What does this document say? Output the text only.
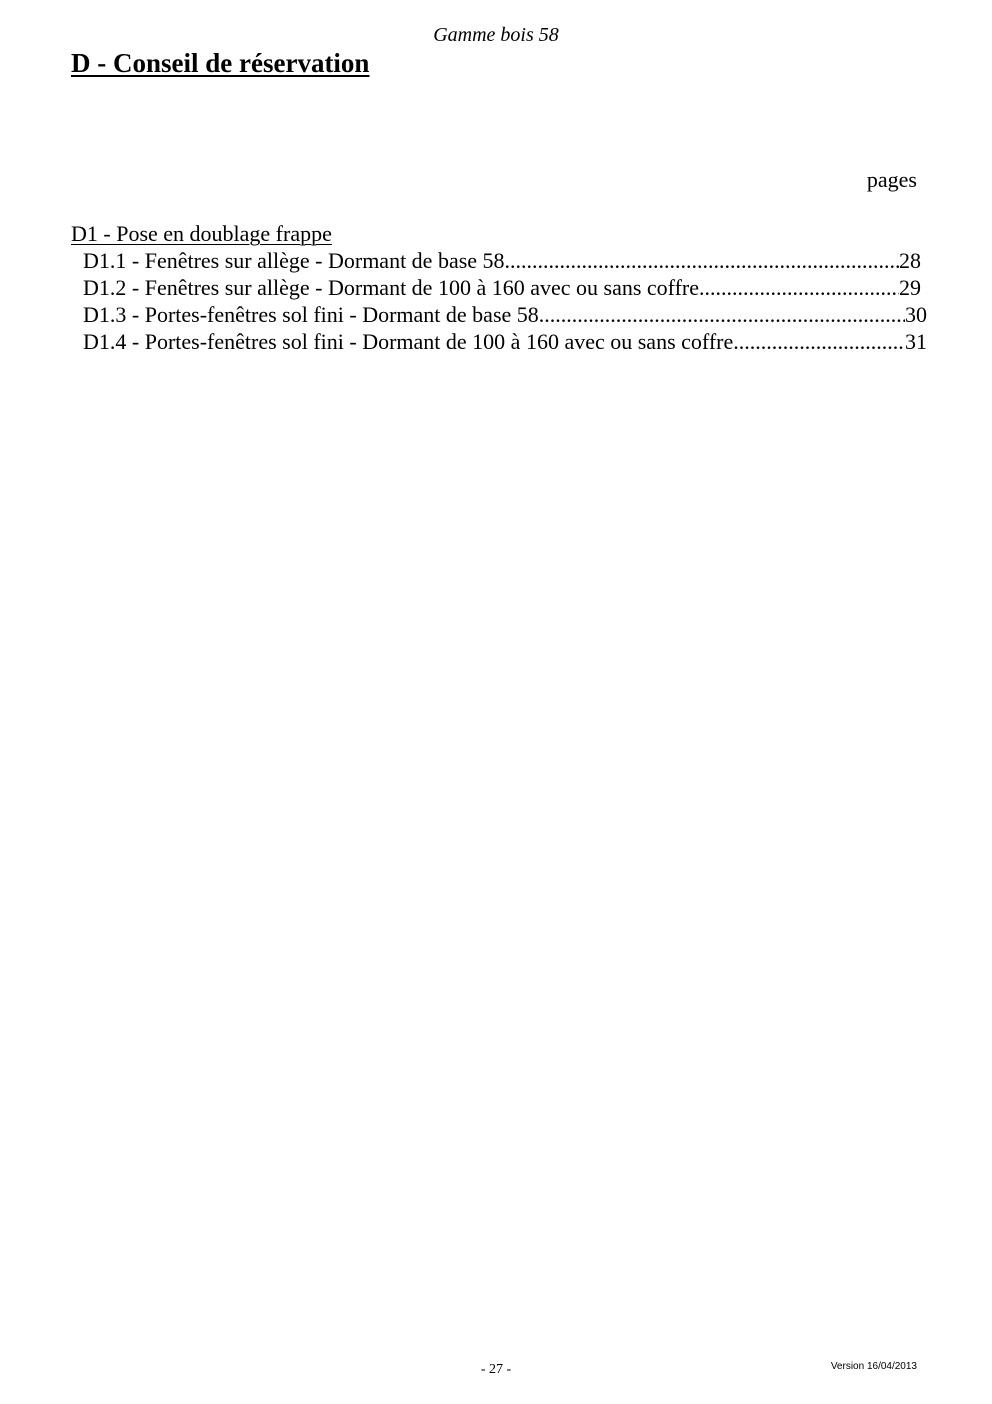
Gamme bois 58
D - Conseil de réservation
pages
D1 - Pose en doublage frappe
D1.1 - Fenêtres sur allège - Dormant de base 58 .....	28
D1.2 - Fenêtres sur allège - Dormant de 100 à 160 avec ou sans coffre .....	29
D1.3 - Portes-fenêtres sol fini - Dormant de base 58 .....	30
D1.4 - Portes-fenêtres sol fini - Dormant de 100 à 160 avec ou sans coffre .....	31
- 27 -	Version 16/04/2013
